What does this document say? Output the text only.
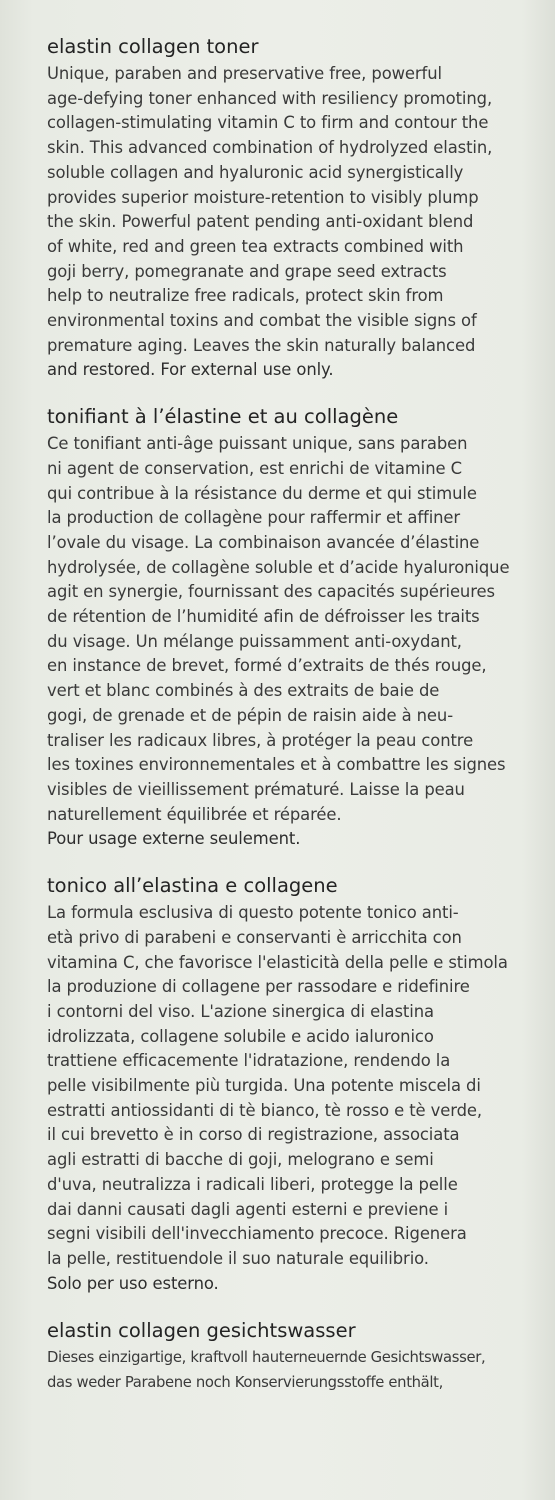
elastin collagen toner
Unique, paraben and preservative free, powerful
age-defying toner enhanced with resiliency promoting,
collagen-stimulating vitamin C to firm and contour the
skin. This advanced combination of hydrolyzed elastin,
soluble collagen and hyaluronic acid synergistically
provides superior moisture-retention to visibly plump
the skin. Powerful patent pending anti-oxidant blend
of white, red and green tea extracts combined with
goji berry, pomegranate and grape seed extracts
help to neutralize free radicals, protect skin from
environmental toxins and combat the visible signs of
premature aging. Leaves the skin naturally balanced
and restored. For external use only.
tonifiant à l’élastine et au collagène
Ce tonifiant anti-âge puissant unique, sans paraben
ni agent de conservation, est enrichi de vitamine C
qui contribue à la résistance du derme et qui stimule
la production de collagène pour raffermir et affiner
l’ovale du visage. La combinaison avancée d’élastine
hydrolysée, de collagène soluble et d’acide hyaluronique
agit en synergie, fournissant des capacités supérieures
de rétention de l’humidité afin de défroisser les traits
du visage. Un mélange puissamment anti-oxydant,
en instance de brevet, formé d’extraits de thés rouge,
vert et blanc combinés à des extraits de baie de
gogi, de grenade et de pépin de raisin aide à neu-
traliser les radicaux libres, à protéger la peau contre
les toxines environnementales et à combattre les signes
visibles de vieillissement prématuré. Laisse la peau
naturellement équilibrée et réparée.
Pour usage externe seulement.
tonico all’elastina e collagene
La formula esclusiva di questo potente tonico anti-
età privo di parabeni e conservanti è arricchita con
vitamina C, che favorisce l'elasticità della pelle e stimola
la produzione di collagene per rassodare e ridefinire
i contorni del viso. L'azione sinergica di elastina
idrolizzata, collagene solubile e acido ialuronico
trattiene efficacemente l'idratazione, rendendo la
pelle visibilmente più turgida. Una potente miscela di
estratti antiossidanti di tè bianco, tè rosso e tè verde,
il cui brevetto è in corso di registrazione, associata
agli estratti di bacche di goji, melograno e semi
d'uva, neutralizza i radicali liberi, protegge la pelle
dai danni causati dagli agenti esterni e previene i
segni visibili dell'invecchiamento precoce. Rigenera
la pelle, restituendole il suo naturale equilibrio.
Solo per uso esterno.
elastin collagen gesichtswasser
Dieses einzigartige, kraftvoll hauterneuernde Gesichtswasser,
das weder Parabene noch Konservierungsstoffe enthält,
